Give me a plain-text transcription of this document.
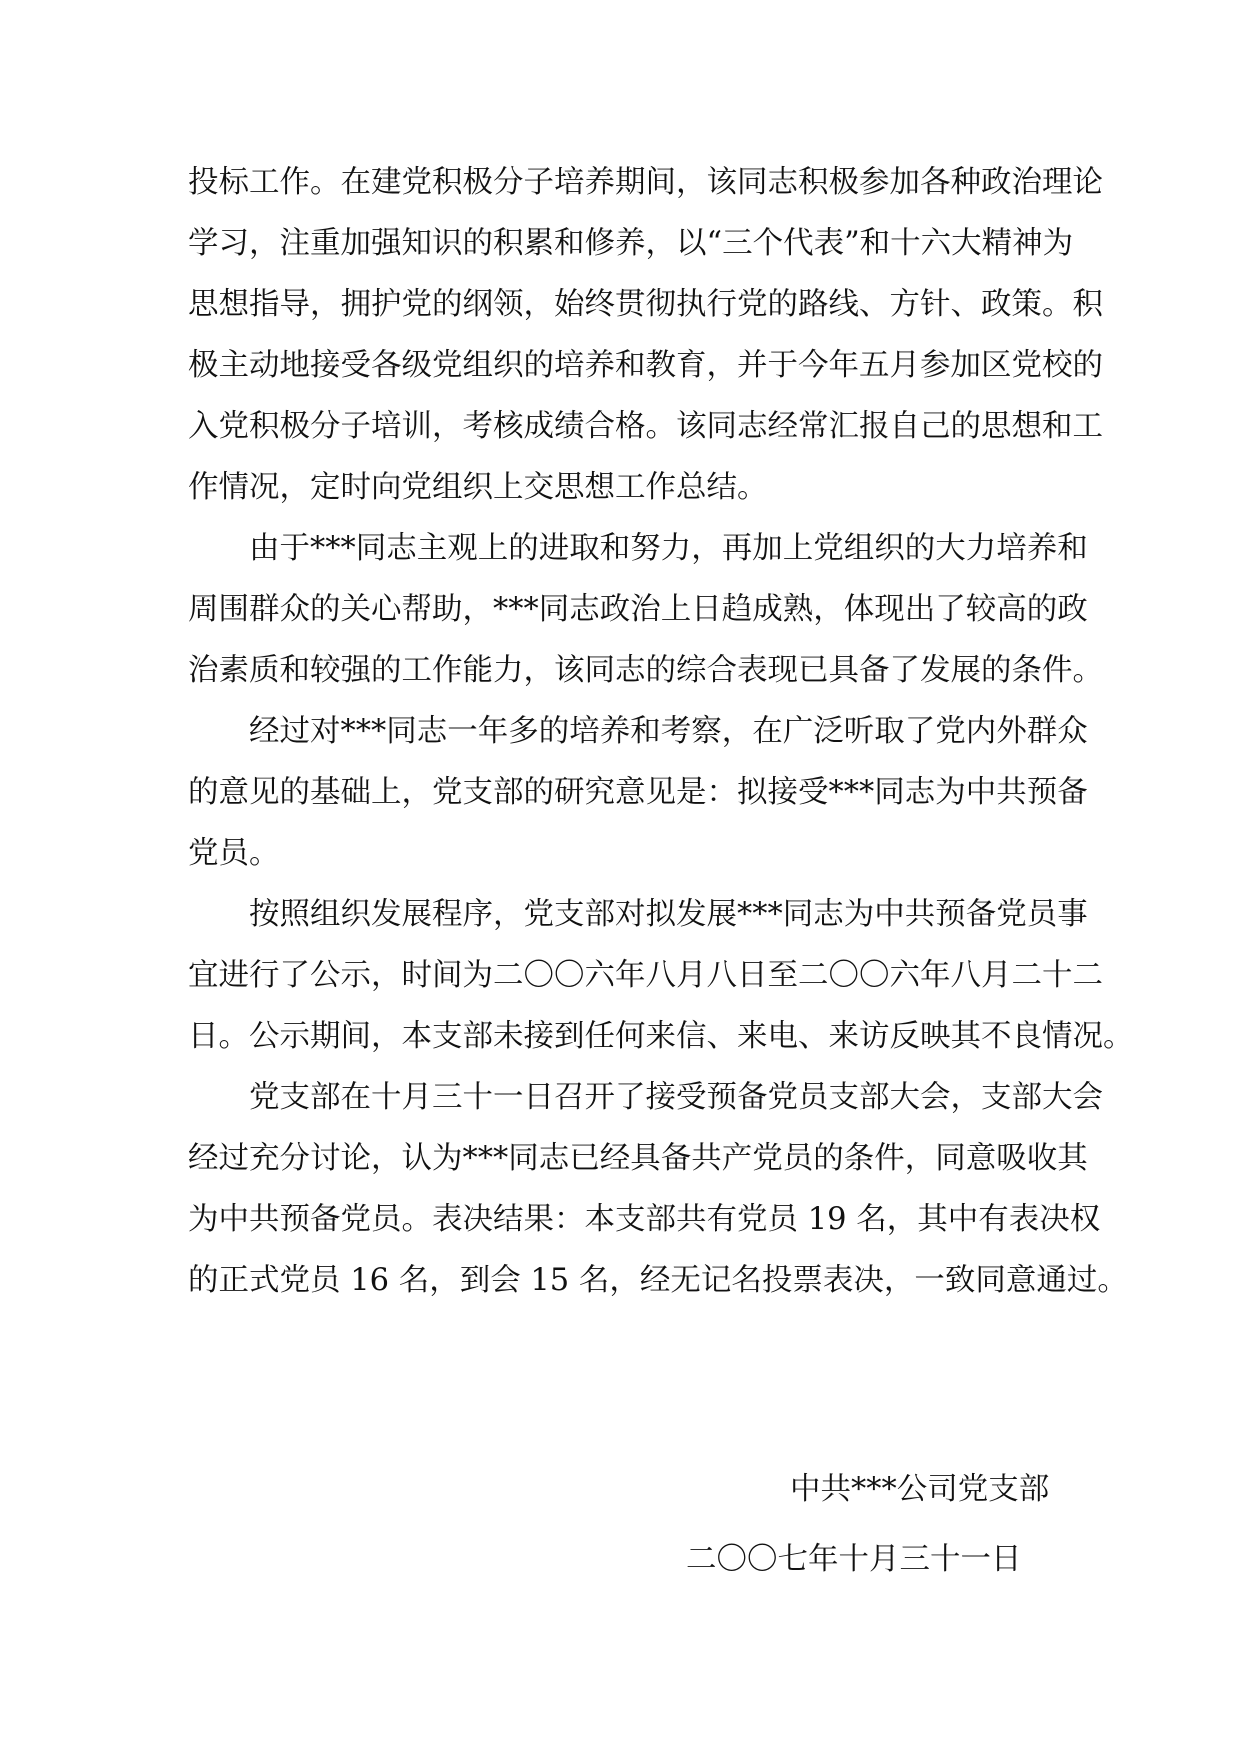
投标工作。在建党积极分子培养期间，该同志积极参加各种政治理论
学习，注重加强知识的积累和修养，以“三个代表”和十六大精神为
思想指导，拥护党的纲领，始终贯彻执行党的路线、方针、政策。积
极主动地接受各级党组织的培养和教育，并于今年五月参加区党校的
入党积极分子培训，考核成绩合格。该同志经常汇报自己的思想和工
作情况，定时向党组织上交思想工作总结。
由于***同志主观上的进取和努力，再加上党组织的大力培养和
周围群众的关心帮助，***同志政治上日趋成熟，体现出了较高的政
治素质和较强的工作能力，该同志的综合表现已具备了发展的条件。
经过对***同志一年多的培养和考察，在广泛听取了党内外群众
的意见的基础上，党支部的研究意见是：拟接受***同志为中共预备
党员。
按照组织发展程序，党支部对拟发展***同志为中共预备党员事
宜进行了公示，时间为二〇〇六年八月八日至二〇〇六年八月二十二
日。公示期间，本支部未接到任何来信、来电、来访反映其不良情况。
党支部在十月三十一日召开了接受预备党员支部大会，支部大会
经过充分讨论，认为***同志已经具备共产党员的条件，同意吸收其
为中共预备党员。表决结果：本支部共有党员 19 名，其中有表决权
的正式党员 16 名，到会 15 名，经无记名投票表决，一致同意通过。
中共***公司党支部
二〇〇七年十月三十一日
